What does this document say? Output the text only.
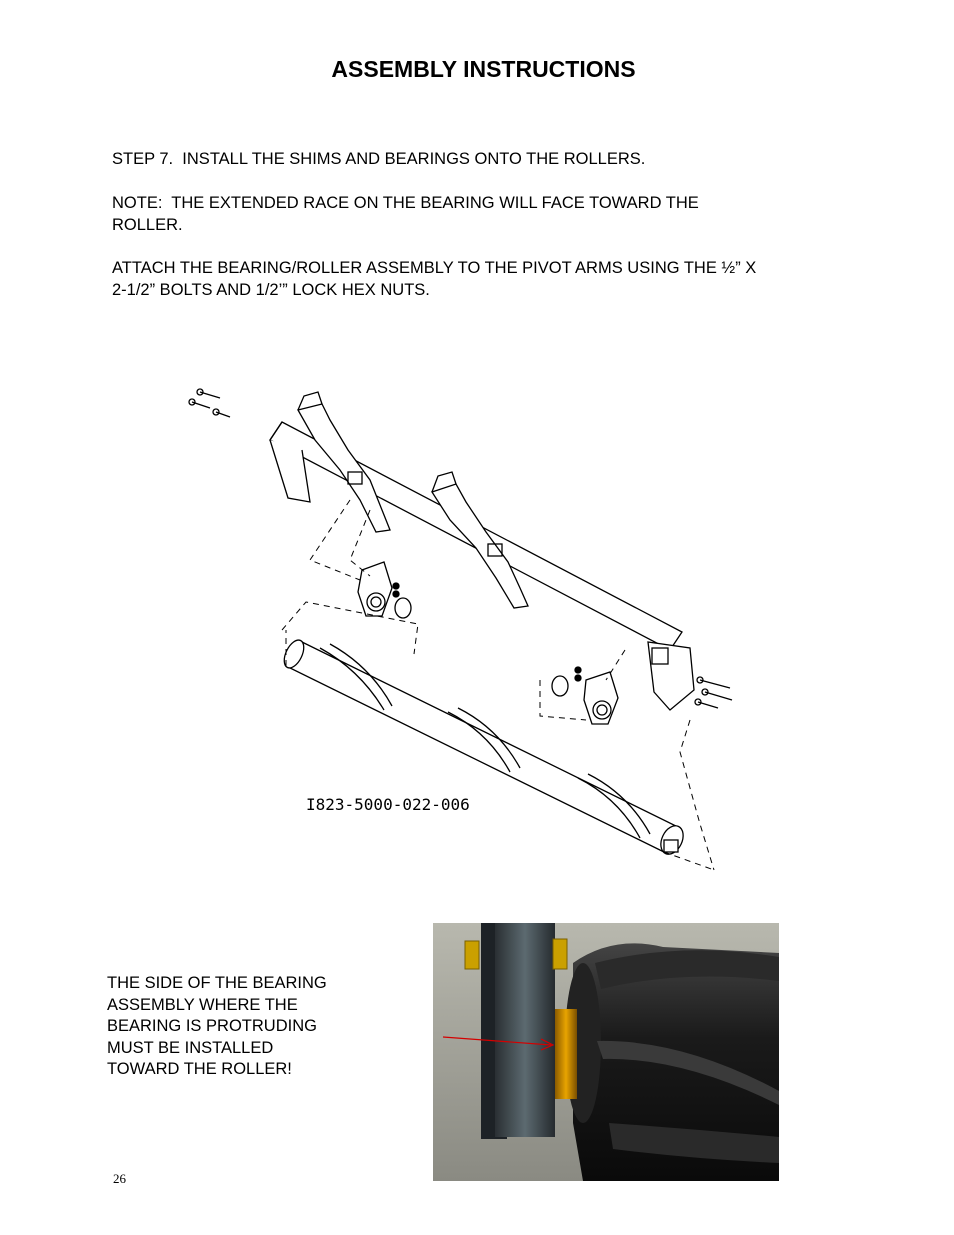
ASSEMBLY INSTRUCTIONS
STEP 7.  INSTALL THE SHIMS AND BEARINGS ONTO THE ROLLERS.
NOTE:  THE EXTENDED RACE ON THE BEARING WILL FACE TOWARD THE
ROLLER.
ATTACH THE BEARING/ROLLER ASSEMBLY TO THE PIVOT ARMS USING THE ½” X
2-1/2” BOLTS AND 1/2’” LOCK HEX NUTS.
I823-5000-022-006
THE SIDE OF THE BEARING
ASSEMBLY WHERE THE
BEARING IS PROTRUDING
MUST BE INSTALLED
TOWARD THE ROLLER!
26
